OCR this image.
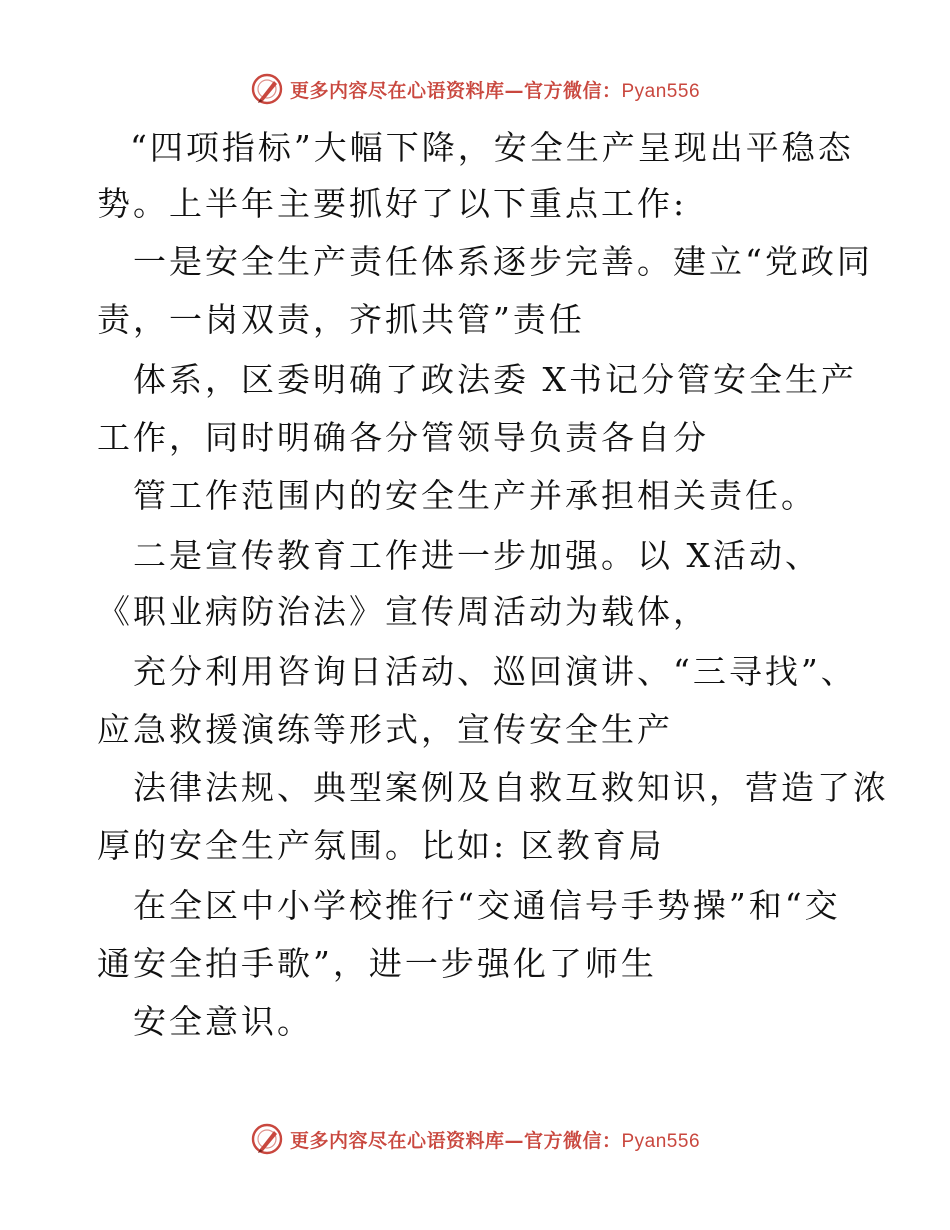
更多内容尽在心语资料库—官方微信：Pyan556
“四项指标”大幅下降，安全生产呈现出平稳态
势。上半年主要抓好了以下重点工作:
一是安全生产责任体系逐步完善。建立“党政同
责，一岗双责，齐抓共管”责任
体系，区委明确了政法委 X书记分管安全生产
工作，同时明确各分管领导负责各自分
管工作范围内的安全生产并承担相关责任。
二是宣传教育工作进一步加强。以 X活动、
《职业病防治法》宣传周活动为载体，
充分利用咨询日活动、巡回演讲、“三寻找”、
应急救援演练等形式，宣传安全生产
法律法规、典型案例及自救互救知识，营造了浓
厚的安全生产氛围。比如: 区教育局
在全区中小学校推行“交通信号手势操”和“交
通安全拍手歌”，进一步强化了师生
安全意识。
更多内容尽在心语资料库—官方微信：Pyan556
